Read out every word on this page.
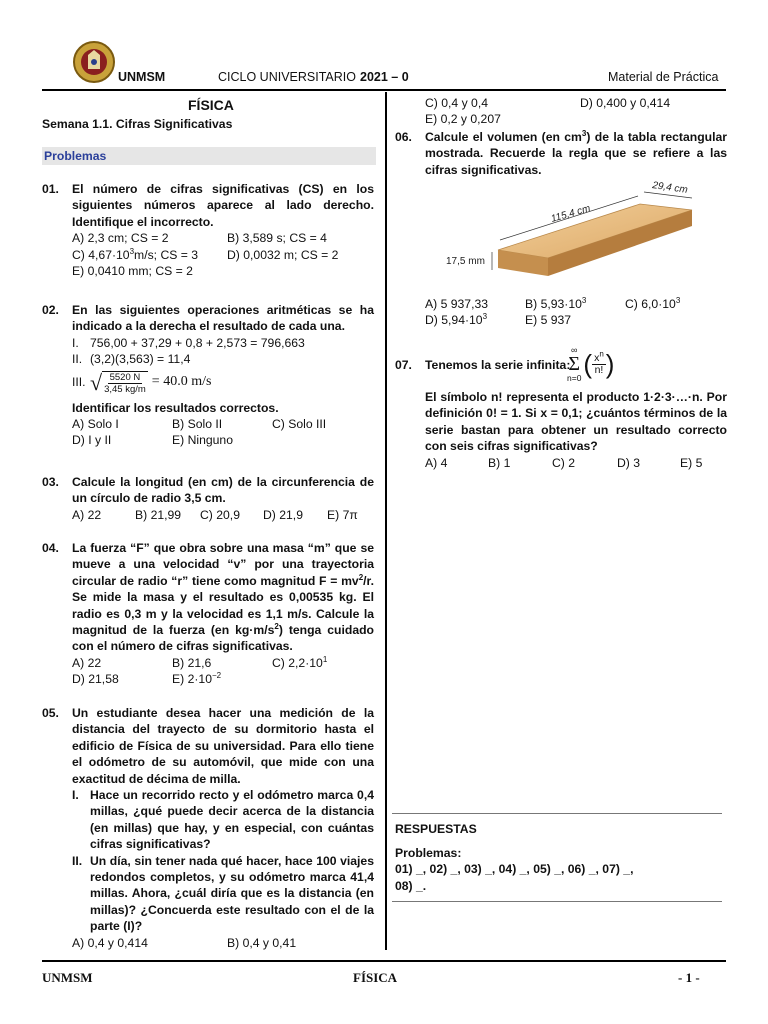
UNMSM	CICLO UNIVERSITARIO 2021 – 0	Material de Práctica
FÍSICA
Semana 1.1. Cifras Significativas
Problemas
01. El número de cifras significativas (CS) en los siguientes números aparece al lado derecho. Identifique el incorrecto.
A) 2,3 cm; CS = 2	B) 3,589 s; CS = 4
C) $4,67\cdot 10^3m/s$; CS = 3	D) 0,0032 m; CS = 2
E) 0,0410 mm; CS = 2
02. En las siguientes operaciones aritméticas se ha indicado a la derecha el resultado de cada una.
I. 756,00 + 37,29 + 0,8 + 2,573 = 796,663
II. (3,2)(3,563) = 11,4
III. √ $\frac{5520 N}{3,45 kg/m} = 40.0$ m/s
Identificar los resultados correctos.
A) Solo I	B) Solo II	C) Solo III
D) I y II	E) Ninguno
03. Calcule la longitud (en cm) de la circunferencia de un círculo de radio 3,5 cm.
A) 22	B) 21,99	C) 20,9	D) 21,9	E) 7π
04. La fuerza “F” que obra sobre una masa “m” que se mueve a una velocidad “v” por una trayectoria circular de radio “r” tiene como magnitud $F = mv^2/r$. Se mide la masa y el resultado es 0,00535 kg. El radio es 0,3 m y la velocidad es 1,1 m/s. Calcule la magnitud de la fuerza (en $kg\cdot m/s^2$) tenga cuidado con el número de cifras significativas.
A) 22	B) 21,6	C) $2,2\cdot 10^1$
D) 21,58	E) $2\cdot 10^{-2}$
05. Un estudiante desea hacer una medición de la distancia del trayecto de su dormitorio hasta el edificio de Física de su universidad. Para ello tiene el odómetro de su automóvil, que mide con una exactitud de décima de milla.
I. Hace un recorrido recto y el odómetro marca 0,4 millas, ¿qué puede decir acerca de la distancia (en millas) que hay, y en especial, con cuántas cifras significativas?
II. Un día, sin tener nada qué hacer, hace 100 viajes redondos completos, y su odómetro marca 41,4 millas. Ahora, ¿cuál diría que es la distancia (en millas)? ¿Concuerda este resultado con el de la parte (I)?
A) 0,4 y 0,414	B) 0,4 y 0,41
C) 0,4 y 0,4	D) 0,400 y 0,414
E) 0,2 y 0,207
06. Calcule el volumen (en $cm^3$) de la tabla rectangular mostrada. Recuerde la regla que se refiere a las cifras significativas.
115,4 cm
29,4 cm
17,5 mm
A) 5 937,33	B) $5,93\cdot 10^3$	C) $6,0\cdot 10^3$
D) $5,94\cdot 10^3$	E) 5 937
07. Tenemos la serie infinita:
∞
Σ
n=0 ( $\frac{x^n}{n!}$ )
El símbolo n! representa el producto 1·2·3·…·n. Por definición 0! = 1. Si x = 0,1; ¿cuántos términos de la serie bastan para obtener un resultado correcto con seis cifras significativas?
A) 4	B) 1	C) 2	D) 3	E) 5
RESPUESTAS
Problemas:
01) _, 02) _, 03) _, 04) _, 05) _, 06) _, 07) _,
08) _.
UNMSM	FÍSICA	- 1 -
